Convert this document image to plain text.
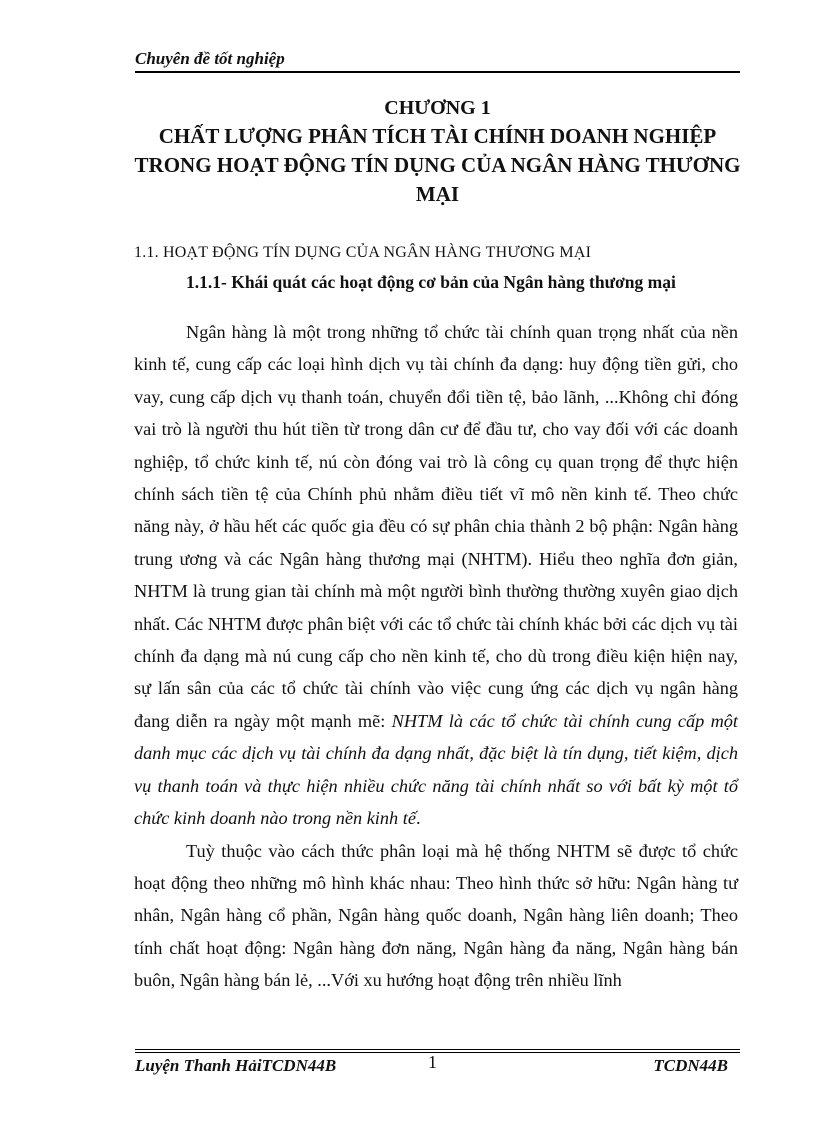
Chuyên đề tốt nghiệp
CHƯƠNG 1
CHẤT LƯỢNG PHÂN TÍCH TÀI CHÍNH DOANH NGHIỆP TRONG HOẠT ĐỘNG TÍN DỤNG CỦA NGÂN HÀNG THƯƠNG MẠI
1.1. HOẠT ĐỘNG TÍN DỤNG CỦA NGÂN HÀNG THƯƠNG MẠI
1.1.1- Khái quát các hoạt động cơ bản của Ngân hàng thương mại

Ngân hàng là một trong những tổ chức tài chính quan trọng nhất của nền kinh tế, cung cấp các loại hình dịch vụ tài chính đa dạng: huy động tiền gửi, cho vay, cung cấp dịch vụ thanh toán, chuyển đổi tiền tệ, bảo lãnh, ...Không chỉ đóng vai trò là người thu hút tiền từ trong dân cư để đầu tư, cho vay đối với các doanh nghiệp, tổ chức kinh tế, nú còn đóng vai trò là công cụ quan trọng để thực hiện chính sách tiền tệ của Chính phủ nhằm điều tiết vĩ mô nền kinh tế. Theo chức năng này, ở hầu hết các quốc gia đều có sự phân chia thành 2 bộ phận: Ngân hàng trung ương và các Ngân hàng thương mại (NHTM). Hiểu theo nghĩa đơn giản, NHTM là trung gian tài chính mà một người bình thường thường xuyên giao dịch nhất. Các NHTM được phân biệt với các tổ chức tài chính khác bởi các dịch vụ tài chính đa dạng mà nú cung cấp cho nền kinh tế, cho dù trong điều kiện hiện nay, sự lấn sân của các tổ chức tài chính vào việc cung ứng các dịch vụ ngân hàng đang diễn ra ngày một mạnh mẽ: NHTM là các tổ chức tài chính cung cấp một danh mục các dịch vụ tài chính đa dạng nhất, đặc biệt là tín dụng, tiết kiệm, dịch vụ thanh toán và thực hiện nhiều chức năng tài chính nhất so với bất kỳ một tổ chức kinh doanh nào trong nền kinh tế.

Tuỳ thuộc vào cách thức phân loại mà hệ thống NHTM sẽ được tổ chức hoạt động theo những mô hình khác nhau: Theo hình thức sở hữu: Ngân hàng tư nhân, Ngân hàng cổ phần, Ngân hàng quốc doanh, Ngân hàng liên doanh; Theo tính chất hoạt động: Ngân hàng đơn năng, Ngân hàng đa năng, Ngân hàng bán buôn, Ngân hàng bán lẻ, ...Với xu hướng hoạt động trên nhiều lĩnh

Luyện Thanh HảiTCDN44B	1	TCDN44B
